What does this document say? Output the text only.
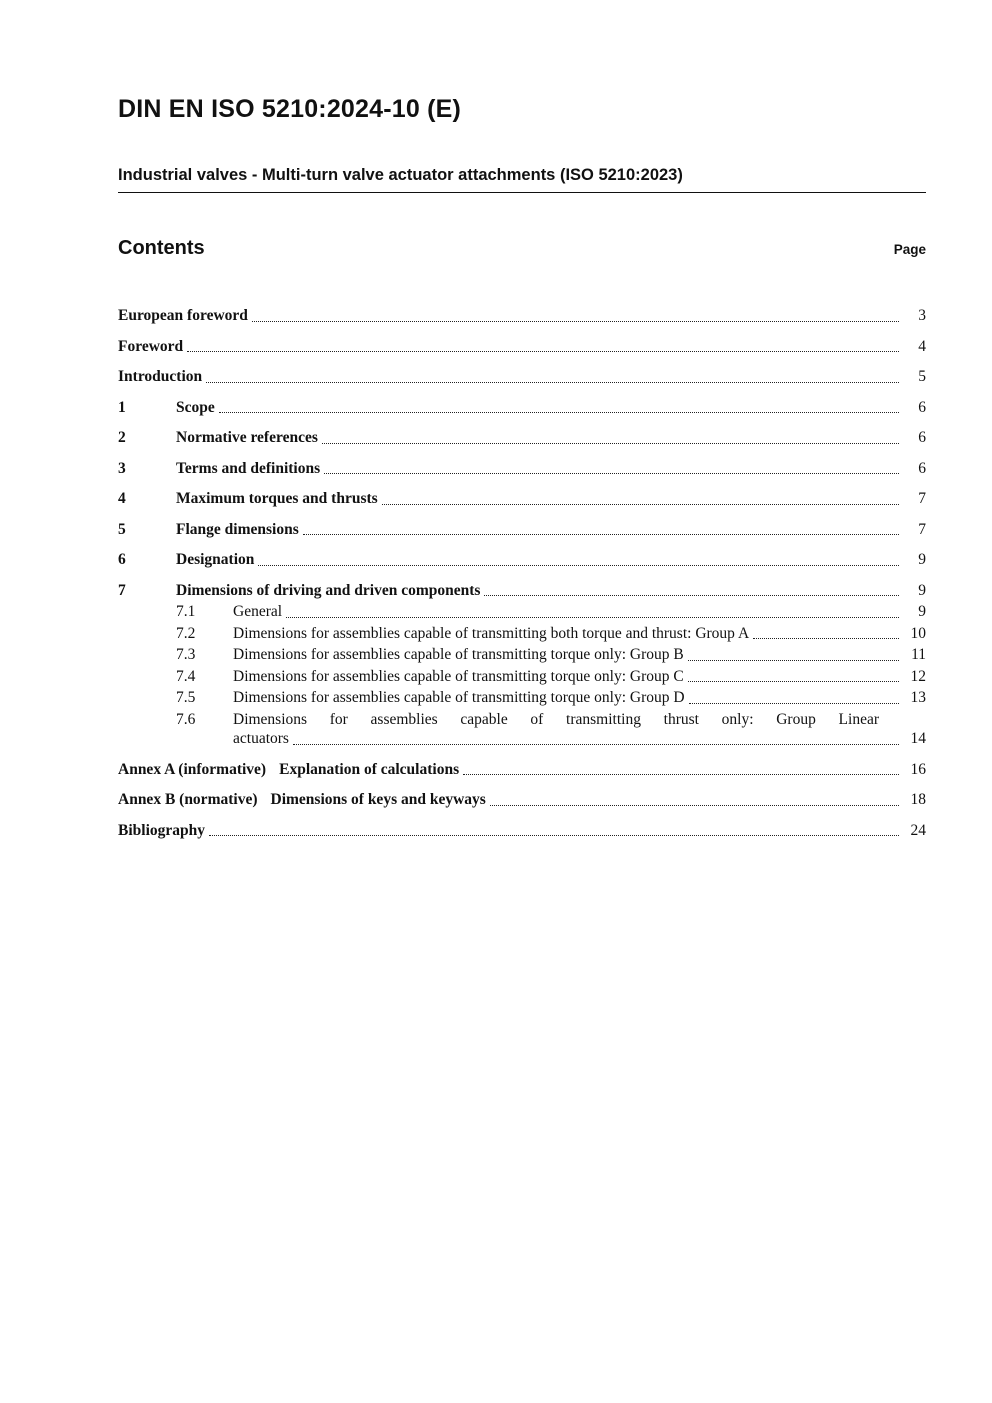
DIN EN ISO 5210:2024-10 (E)
Industrial valves - Multi-turn valve actuator attachments (ISO 5210:2023)
Contents	Page
European foreword	3
Foreword	4
Introduction	5
1	Scope	6
2	Normative references	6
3	Terms and definitions	6
4	Maximum torques and thrusts	7
5	Flange dimensions	7
6	Designation	9
7	Dimensions of driving and driven components	9
7.1	General	9
7.2	Dimensions for assemblies capable of transmitting both torque and thrust: Group A	10
7.3	Dimensions for assemblies capable of transmitting torque only: Group B	11
7.4	Dimensions for assemblies capable of transmitting torque only: Group C	12
7.5	Dimensions for assemblies capable of transmitting torque only: Group D	13
7.6	Dimensions for assemblies capable of transmitting thrust only: Group Linear
actuators	14
Annex A (informative) Explanation of calculations	16
Annex B (normative) Dimensions of keys and keyways	18
Bibliography	24
